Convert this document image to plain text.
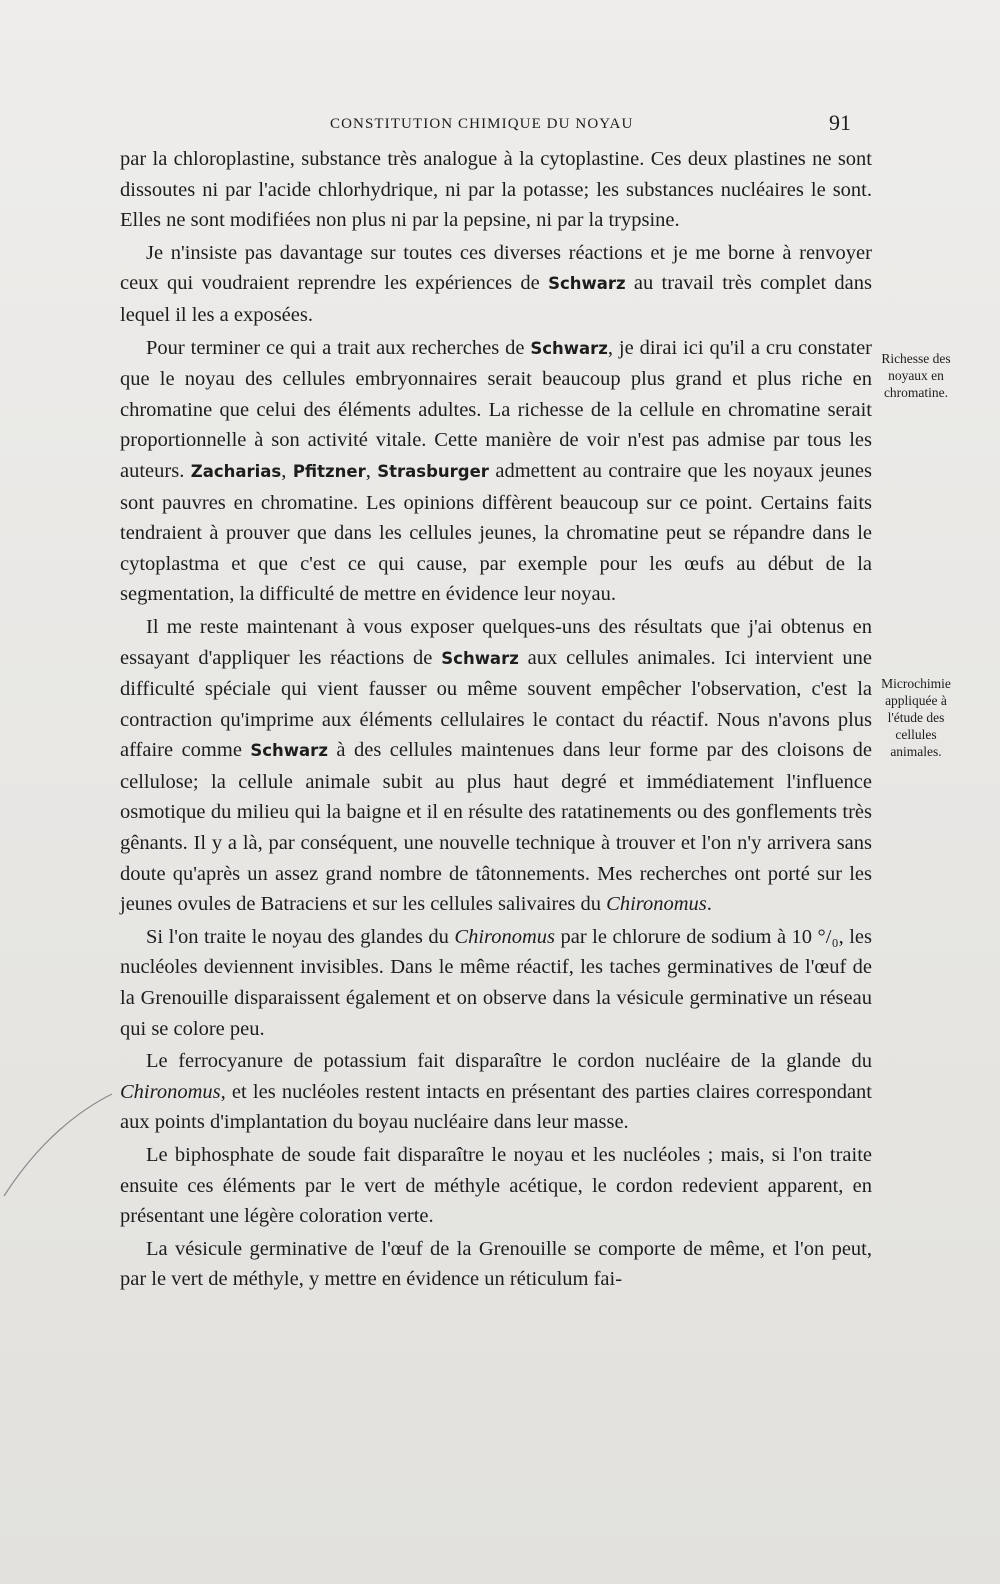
CONSTITUTION CHIMIQUE DU NOYAU	91

par la chloroplastine, substance très analogue à la cytoplastine. Ces deux plastines ne sont dissoutes ni par l'acide chlorhydrique, ni par la potasse; les substances nucléaires le sont. Elles ne sont modifiées non plus ni par la pepsine, ni par la trypsine.

Je n'insiste pas davantage sur toutes ces diverses réactions et je me borne à renvoyer ceux qui voudraient reprendre les expériences de Schwarz au travail très complet dans lequel il les a exposées.

Pour terminer ce qui a trait aux recherches de Schwarz, je dirai ici qu'il a cru constater que le noyau des cellules embryonnaires serait beaucoup plus grand et plus riche en chromatine que celui des éléments adultes. La richesse de la cellule en chromatine serait proportionnelle à son activité vitale. Cette manière de voir n'est pas admise par tous les auteurs. Zacharias, Pfitzner, Strasburger admettent au contraire que les noyaux jeunes sont pauvres en chromatine. Les opinions diffèrent beaucoup sur ce point. Certains faits tendraient à prouver que dans les cellules jeunes, la chromatine peut se répandre dans le cytoplastma et que c'est ce qui cause, par exemple pour les œufs au début de la segmentation, la difficulté de mettre en évidence leur noyau.

Il me reste maintenant à vous exposer quelques-uns des résultats que j'ai obtenus en essayant d'appliquer les réactions de Schwarz aux cellules animales. Ici intervient une difficulté spéciale qui vient fausser ou même souvent empêcher l'observation, c'est la contraction qu'imprime aux éléments cellulaires le contact du réactif. Nous n'avons plus affaire comme Schwarz à des cellules maintenues dans leur forme par des cloisons de cellulose; la cellule animale subit au plus haut degré et immédiatement l'influence osmotique du milieu qui la baigne et il en résulte des ratatinements ou des gonflements très gênants. Il y a là, par conséquent, une nouvelle technique à trouver et l'on n'y arrivera sans doute qu'après un assez grand nombre de tâtonnements. Mes recherches ont porté sur les jeunes ovules de Batraciens et sur les cellules salivaires du Chironomus.

Si l'on traite le noyau des glandes du Chironomus par le chlorure de sodium à 10 °/₀, les nucléoles deviennent invisibles. Dans le même réactif, les taches germinatives de l'œuf de la Grenouille disparaissent également et on observe dans la vésicule germinative un réseau qui se colore peu.

Le ferrocyanure de potassium fait disparaître le cordon nucléaire de la glande du Chironomus, et les nucléoles restent intacts en présentant des parties claires correspondant aux points d'implantation du boyau nucléaire dans leur masse.

Le biphosphate de soude fait disparaître le noyau et les nucléoles ; mais, si l'on traite ensuite ces éléments par le vert de méthyle acétique, le cordon redevient apparent, en présentant une légère coloration verte.

La vésicule germinative de l'œuf de la Grenouille se comporte de même, et l'on peut, par le vert de méthyle, y mettre en évidence un réticulum fai-

Richesse des
noyaux en
chromatine.
Microchimie
appliquée à
l'étude des
cellules
animales.
